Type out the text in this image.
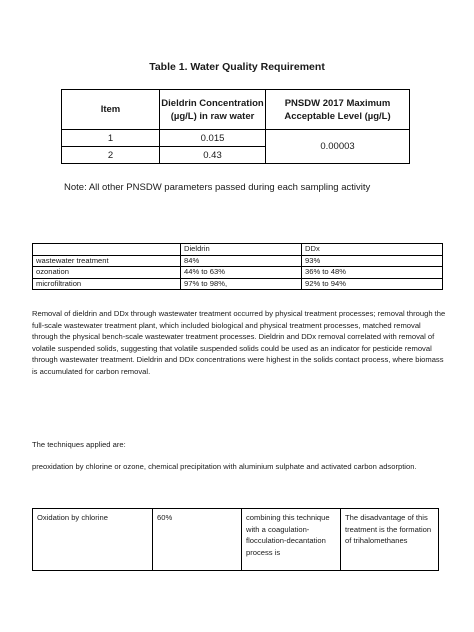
Table 1. Water Quality Requirement
Item	Dieldrin Concentration (µg/L) in raw water	PNSDW 2017 Maximum Acceptable Level (µg/L)
1	0.015	0.00003
2	0.43	
Note: All other PNSDW parameters passed during each sampling activity
	Dieldrin	DDx
wastewater treatment	84%	93%
ozonation	44% to 63%	36% to 48%
microfiltration	97% to 98%,	92% to 94%
Removal of dieldrin and DDx through wastewater treatment occurred by physical treatment processes; removal through the full-scale wastewater treatment plant, which included biological and physical treatment processes, matched removal through the physical bench-scale wastewater treatment processes. Dieldrin and DDx removal correlated with removal of volatile suspended solids, suggesting that volatile suspended solids could be used as an indicator for pesticide removal through wastewater treatment. Dieldrin and DDx concentrations were highest in the solids contact process, where biomass is accumulated for carbon removal.
The techniques applied are:
preoxidation by chlorine or ozone, chemical precipitation with aluminium sulphate and activated carbon adsorption.
Oxidation by chlorine	60%	combining this technique with a coagulation-flocculation-decantation process is	The disadvantage of this treatment is the formation of trihalomethanes
